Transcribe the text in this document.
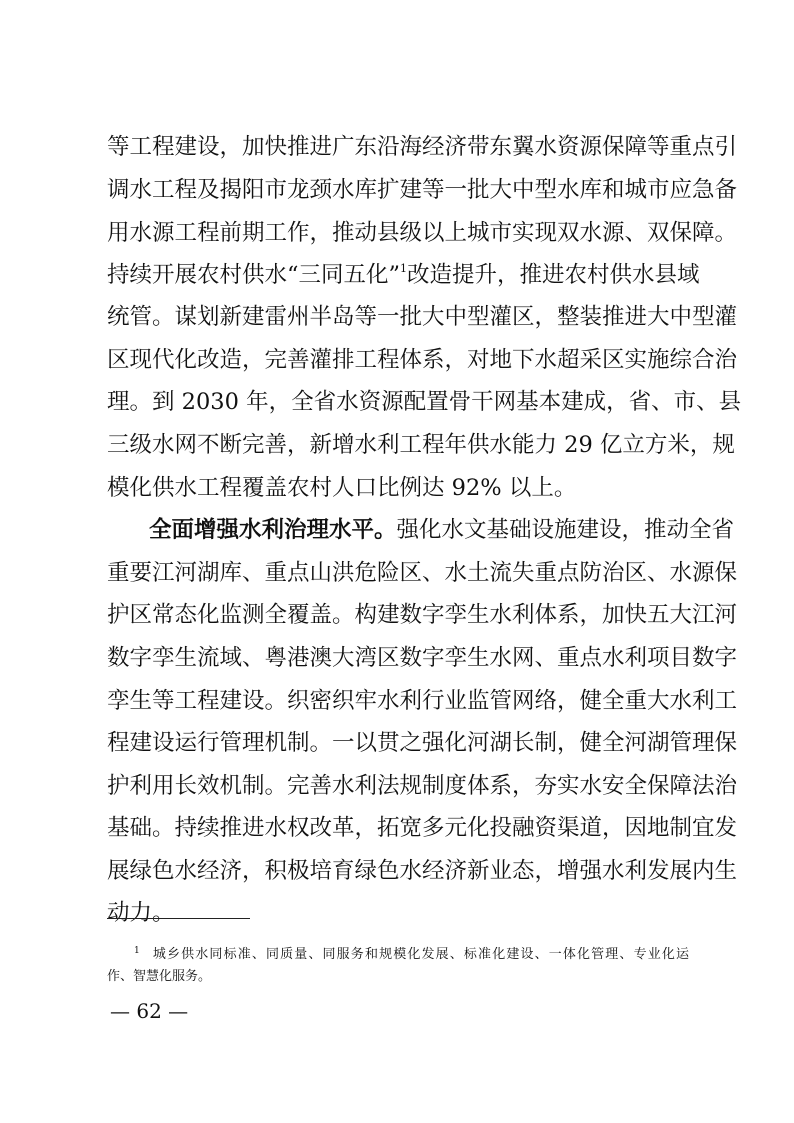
等工程建设，加快推进广东沿海经济带东翼水资源保障等重点引
调水工程及揭阳市龙颈水库扩建等一批大中型水库和城市应急备
用水源工程前期工作，推动县级以上城市实现双水源、双保障。
持续开展农村供水“三同五化”$^1$改造提升，推进农村供水县域
统管。谋划新建雷州半岛等一批大中型灌区，整装推进大中型灌
区现代化改造，完善灌排工程体系，对地下水超采区实施综合治
理。到 2030 年，全省水资源配置骨干网基本建成，省、市、县
三级水网不断完善，新增水利工程年供水能力 29 亿立方米，规
模化供水工程覆盖农村人口比例达 92% 以上。
全面增强水利治理水平。强化水文基础设施建设，推动全省
重要江河湖库、重点山洪危险区、水土流失重点防治区、水源保
护区常态化监测全覆盖。构建数字孪生水利体系，加快五大江河
数字孪生流域、粤港澳大湾区数字孪生水网、重点水利项目数字
孪生等工程建设。织密织牢水利行业监管网络，健全重大水利工
程建设运行管理机制。一以贯之强化河湖长制，健全河湖管理保
护利用长效机制。完善水利法规制度体系，夯实水安全保障法治
基础。持续推进水权改革，拓宽多元化投融资渠道，因地制宜发
展绿色水经济，积极培育绿色水经济新业态，增强水利发展内生
动力。
$^1$ 城乡供水同标准、同质量、同服务和规模化发展、标准化建设、一体化管理、专业化运
作、智慧化服务。
— 62 —
